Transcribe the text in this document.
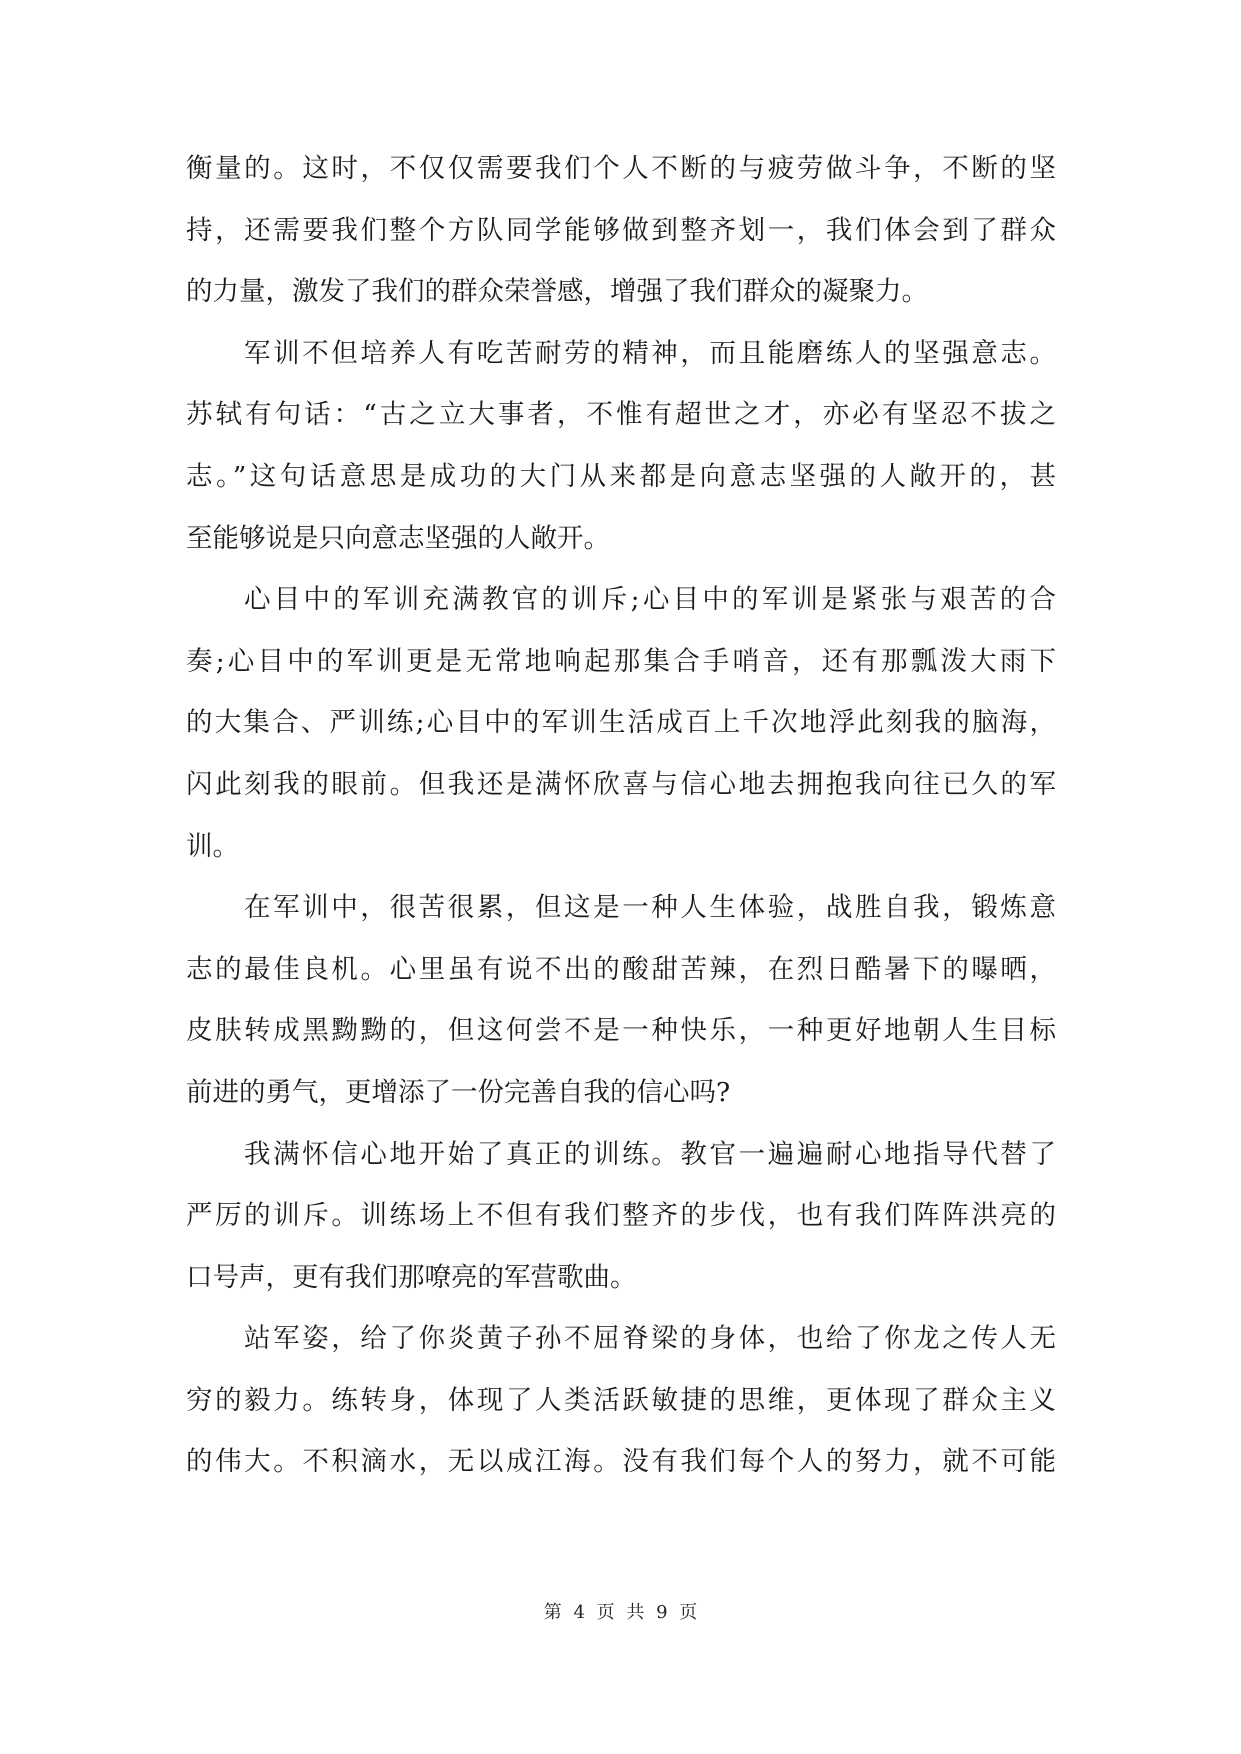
衡量的。这时，不仅仅需要我们个人不断的与疲劳做斗争，不断的坚
持，还需要我们整个方队同学能够做到整齐划一，我们体会到了群众
的力量，激发了我们的群众荣誉感，增强了我们群众的凝聚力。
军训不但培养人有吃苦耐劳的精神，而且能磨练人的坚强意志。
苏轼有句话：“古之立大事者，不惟有超世之才，亦必有坚忍不拔之
志。”这句话意思是成功的大门从来都是向意志坚强的人敞开的，甚
至能够说是只向意志坚强的人敞开。
心目中的军训充满教官的训斥;心目中的军训是紧张与艰苦的合
奏;心目中的军训更是无常地响起那集合手哨音，还有那瓢泼大雨下
的大集合、严训练;心目中的军训生活成百上千次地浮此刻我的脑海，
闪此刻我的眼前。但我还是满怀欣喜与信心地去拥抱我向往已久的军
训。
在军训中，很苦很累，但这是一种人生体验，战胜自我，锻炼意
志的最佳良机。心里虽有说不出的酸甜苦辣，在烈日酷暑下的曝晒，
皮肤转成黑黝黝的，但这何尝不是一种快乐，一种更好地朝人生目标
前进的勇气，更增添了一份完善自我的信心吗?
我满怀信心地开始了真正的训练。教官一遍遍耐心地指导代替了
严厉的训斥。训练场上不但有我们整齐的步伐，也有我们阵阵洪亮的
口号声，更有我们那嘹亮的军营歌曲。
站军姿，给了你炎黄子孙不屈脊梁的身体，也给了你龙之传人无
穷的毅力。练转身，体现了人类活跃敏捷的思维，更体现了群众主义
的伟大。不积滴水，无以成江海。没有我们每个人的努力，就不可能
第 4 页 共 9 页
